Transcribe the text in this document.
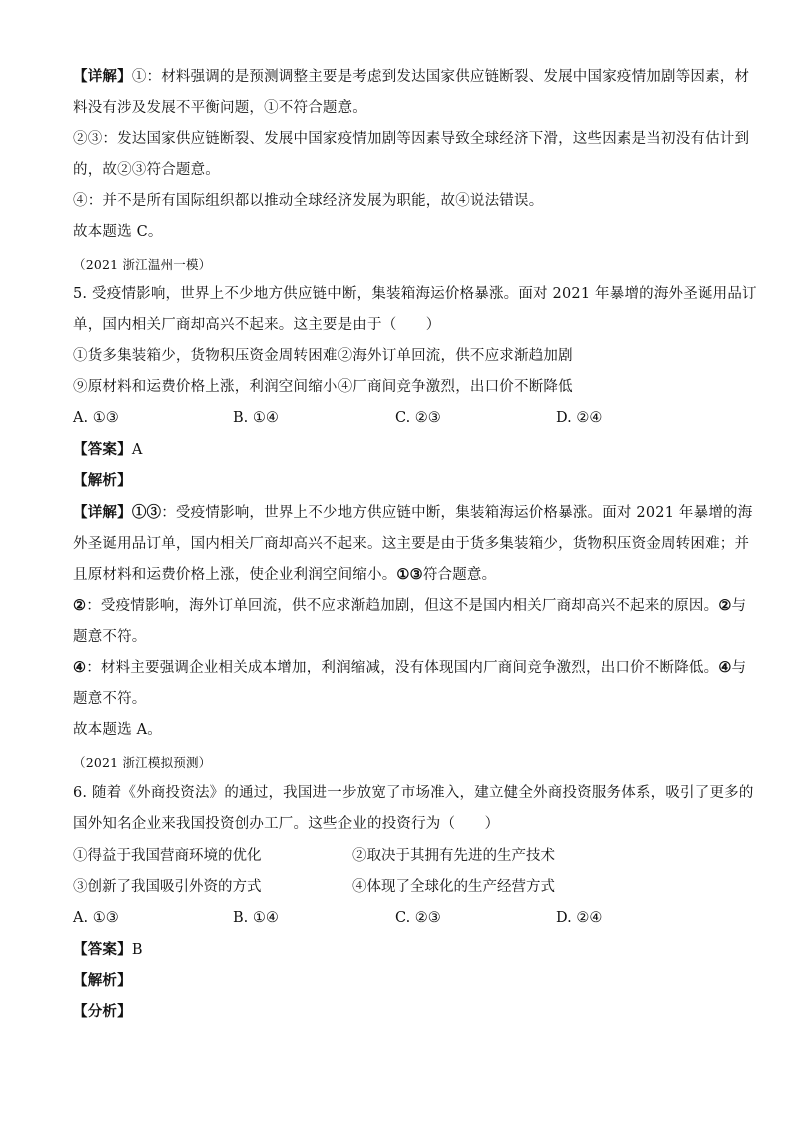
【详解】①：材料强调的是预测调整主要是考虑到发达国家供应链断裂、发展中国家疫情加剧等因素，材
料没有涉及发展不平衡问题，①不符合题意。
②③：发达国家供应链断裂、发展中国家疫情加剧等因素导致全球经济下滑，这些因素是当初没有估计到
的，故②③符合题意。
④：并不是所有国际组织都以推动全球经济发展为职能，故④说法错误。
故本题选 C。
（2021 浙江温州一模）
5. 受疫情影响，世界上不少地方供应链中断，集装箱海运价格暴涨。面对 2021 年暴增的海外圣诞用品订
单，国内相关厂商却高兴不起来。这主要是由于（　　）
①货多集装箱少，货物积压资金周转困难②海外订单回流，供不应求渐趋加剧
⑨原材料和运费价格上涨，利润空间缩小④厂商间竞争激烈，出口价不断降低
A. ①③	B. ①④	C. ②③	D. ②④
【答案】A
【解析】
【详解】①③：受疫情影响，世界上不少地方供应链中断，集装箱海运价格暴涨。面对 2021 年暴增的海
外圣诞用品订单，国内相关厂商却高兴不起来。这主要是由于货多集装箱少，货物积压资金周转困难；并
且原材料和运费价格上涨，使企业利润空间缩小。①③符合题意。
②：受疫情影响，海外订单回流，供不应求渐趋加剧，但这不是国内相关厂商却高兴不起来的原因。②与
题意不符。
④：材料主要强调企业相关成本增加，利润缩减，没有体现国内厂商间竞争激烈，出口价不断降低。④与
题意不符。
故本题选 A。
（2021 浙江模拟预测）
6. 随着《外商投资法》的通过，我国进一步放宽了市场准入，建立健全外商投资服务体系，吸引了更多的
国外知名企业来我国投资创办工厂。这些企业的投资行为（　　）
①得益于我国营商环境的优化	②取决于其拥有先进的生产技术
③创新了我国吸引外资的方式	④体现了全球化的生产经营方式
A. ①③	B. ①④	C. ②③	D. ②④
【答案】B
【解析】
【分析】
